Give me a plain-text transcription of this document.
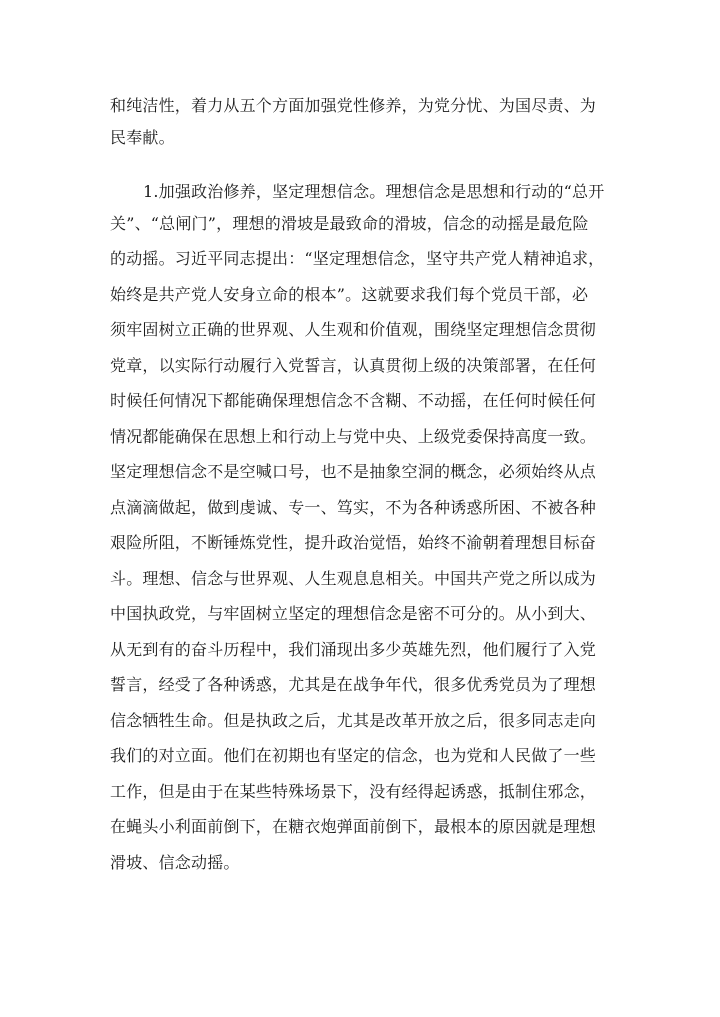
和纯洁性，着力从五个方面加强党性修养，为党分忧、为国尽责、为
民奉献。
1.加强政治修养，坚定理想信念。理想信念是思想和行动的“总开
关”、“总闸门”，理想的滑坡是最致命的滑坡，信念的动摇是最危险
的动摇。习近平同志提出：“坚定理想信念，坚守共产党人精神追求，
始终是共产党人安身立命的根本”。这就要求我们每个党员干部，必
须牢固树立正确的世界观、人生观和价值观，围绕坚定理想信念贯彻
党章，以实际行动履行入党誓言，认真贯彻上级的决策部署，在任何
时候任何情况下都能确保理想信念不含糊、不动摇，在任何时候任何
情况都能确保在思想上和行动上与党中央、上级党委保持高度一致。
坚定理想信念不是空喊口号，也不是抽象空洞的概念，必须始终从点
点滴滴做起，做到虔诚、专一、笃实，不为各种诱惑所困、不被各种
艰险所阻，不断锤炼党性，提升政治觉悟，始终不渝朝着理想目标奋
斗。理想、信念与世界观、人生观息息相关。中国共产党之所以成为
中国执政党，与牢固树立坚定的理想信念是密不可分的。从小到大、
从无到有的奋斗历程中，我们涌现出多少英雄先烈，他们履行了入党
誓言，经受了各种诱惑，尤其是在战争年代，很多优秀党员为了理想
信念牺牲生命。但是执政之后，尤其是改革开放之后，很多同志走向
我们的对立面。他们在初期也有坚定的信念，也为党和人民做了一些
工作，但是由于在某些特殊场景下，没有经得起诱惑，抵制住邪念，
在蝇头小利面前倒下，在糖衣炮弹面前倒下，最根本的原因就是理想
滑坡、信念动摇。
